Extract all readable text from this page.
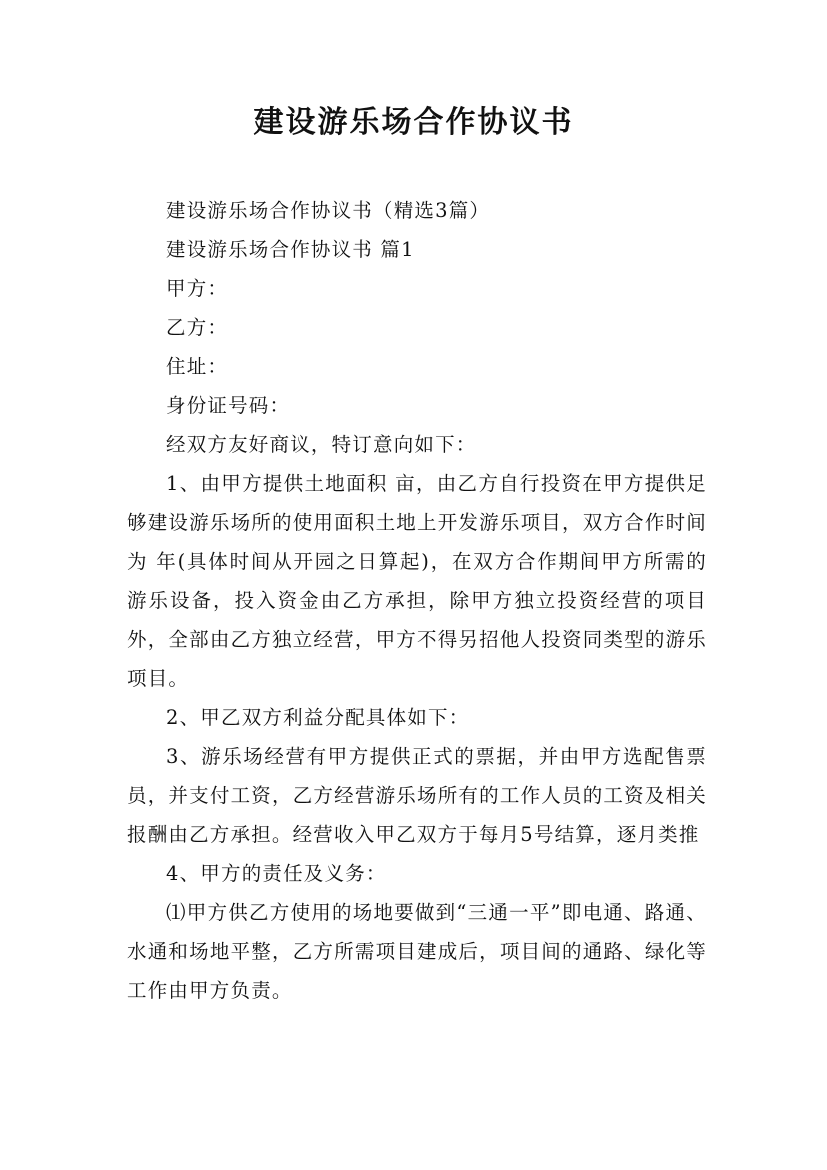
建设游乐场合作协议书

建设游乐场合作协议书（精选3篇）

建设游乐场合作协议书 篇1

甲方：

乙方：

住址：

身份证号码：

经双方友好商议，特订意向如下：

1、由甲方提供土地面积 亩，由乙方自行投资在甲方提供足够建设游乐场所的使用面积土地上开发游乐项目，双方合作时间为 年(具体时间从开园之日算起)，在双方合作期间甲方所需的游乐设备，投入资金由乙方承担，除甲方独立投资经营的项目外，全部由乙方独立经营，甲方不得另招他人投资同类型的游乐项目。

2、甲乙双方利益分配具体如下：

3、游乐场经营有甲方提供正式的票据，并由甲方选配售票员，并支付工资，乙方经营游乐场所有的工作人员的工资及相关报酬由乙方承担。经营收入甲乙双方于每月5号结算，逐月类推

4、甲方的责任及义务：

⑴甲方供乙方使用的场地要做到“三通一平”即电通、路通、水通和场地平整，乙方所需项目建成后，项目间的通路、绿化等工作由甲方负责。
